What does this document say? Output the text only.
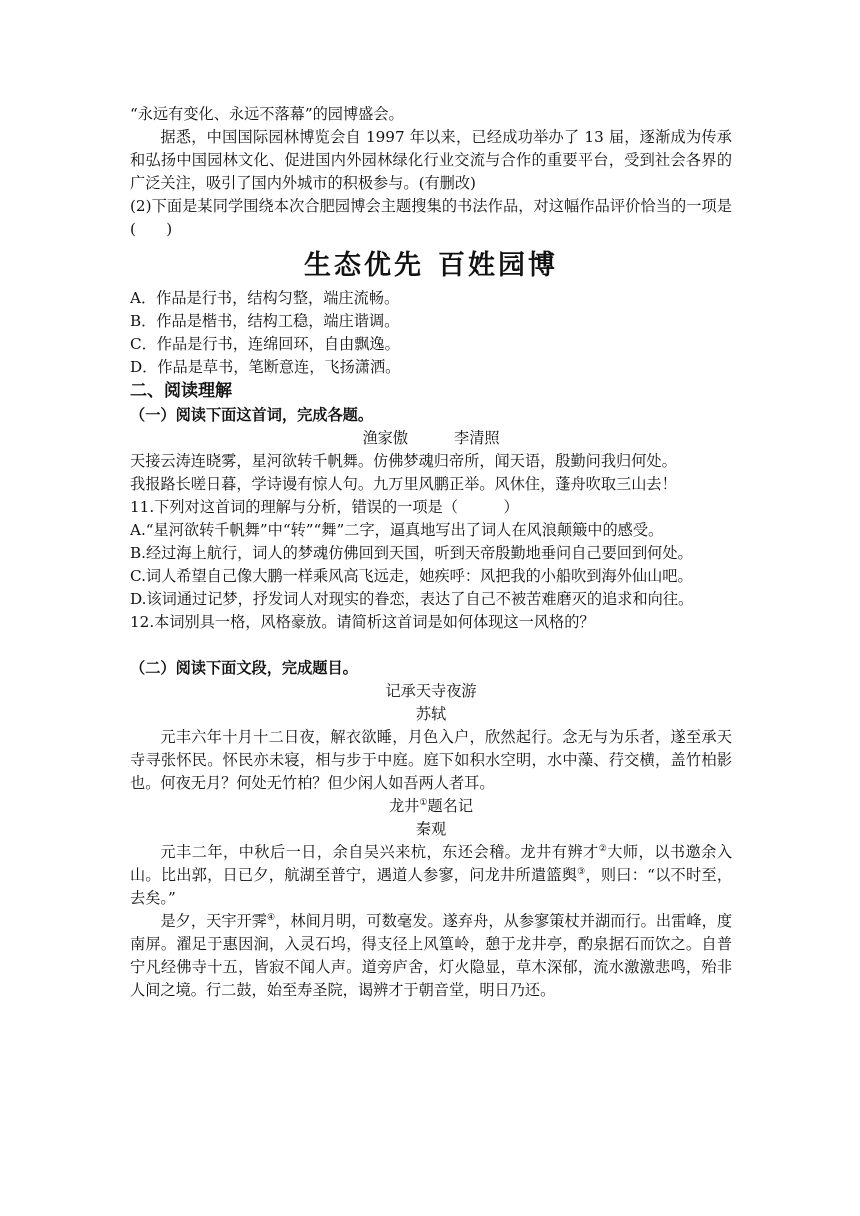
“永远有变化、永远不落幕”的园博盛会。
据悉，中国国际园林博览会自 1997 年以来，已经成功举办了 13 届，逐渐成为传承和弘扬中国园林文化、促进国内外园林绿化行业交流与合作的重要平台，受到社会各界的广泛关注，吸引了国内外城市的积极参与。(有删改)
(2)下面是某同学围绕本次合肥园博会主题搜集的书法作品，对这幅作品评价恰当的一项是(　　)
生态优先 百姓园博
A．作品是行书，结构匀整，端庄流畅。
B．作品是楷书，结构工稳，端庄谐调。
C．作品是行书，连绵回环，自由飘逸。
D．作品是草书，笔断意连，飞扬潇洒。
二、阅读理解
（一）阅读下面这首词，完成各题。
渔家傲	李清照
天接云涛连晓雾，星河欲转千帆舞。仿佛梦魂归帝所，闻天语，殷勤问我归何处。
我报路长嗟日暮，学诗谩有惊人句。九万里风鹏正举。风休住，蓬舟吹取三山去！
11.下列对这首词的理解与分析，错误的一项是（　　　）
A.“星河欲转千帆舞”中“转”“舞”二字，逼真地写出了词人在风浪颠簸中的感受。
B.经过海上航行，词人的梦魂仿佛回到天国，听到天帝殷勤地垂问自己要回到何处。
C.词人希望自己像大鹏一样乘风高飞远走，她疾呼：风把我的小船吹到海外仙山吧。
D.该词通过记梦，抒发词人对现实的眷恋，表达了自己不被苦难磨灭的追求和向往。
12.本词别具一格，风格豪放。请简析这首词是如何体现这一风格的？
（二）阅读下面文段，完成题目。
记承天寺夜游
苏轼
元丰六年十月十二日夜，解衣欲睡，月色入户，欣然起行。念无与为乐者，遂至承天寺寻张怀民。怀民亦未寝，相与步于中庭。庭下如积水空明，水中藻、荇交横，盖竹柏影也。何夜无月？何处无竹柏？但少闲人如吾两人者耳。
龙井①题名记
秦观
元丰二年，中秋后一日，余自吴兴来杭，东还会稽。龙井有辨才②大师，以书邀余入山。比出郭，日已夕，航湖至普宁，遇道人参寥，问龙井所遣篮舆③，则曰：“以不时至，去矣。”
是夕，天宇开霁④，林间月明，可数毫发。遂弃舟，从参寥策杖并湖而行。出雷峰，度南屏。濯足于惠因涧，入灵石坞，得支径上风篁岭，憩于龙井亭，酌泉据石而饮之。自普宁凡经佛寺十五，皆寂不闻人声。道旁庐舍，灯火隐显，草木深郁，流水激激悲鸣，殆非人间之境。行二鼓，始至寿圣院，谒辨才于朝音堂，明日乃还。
